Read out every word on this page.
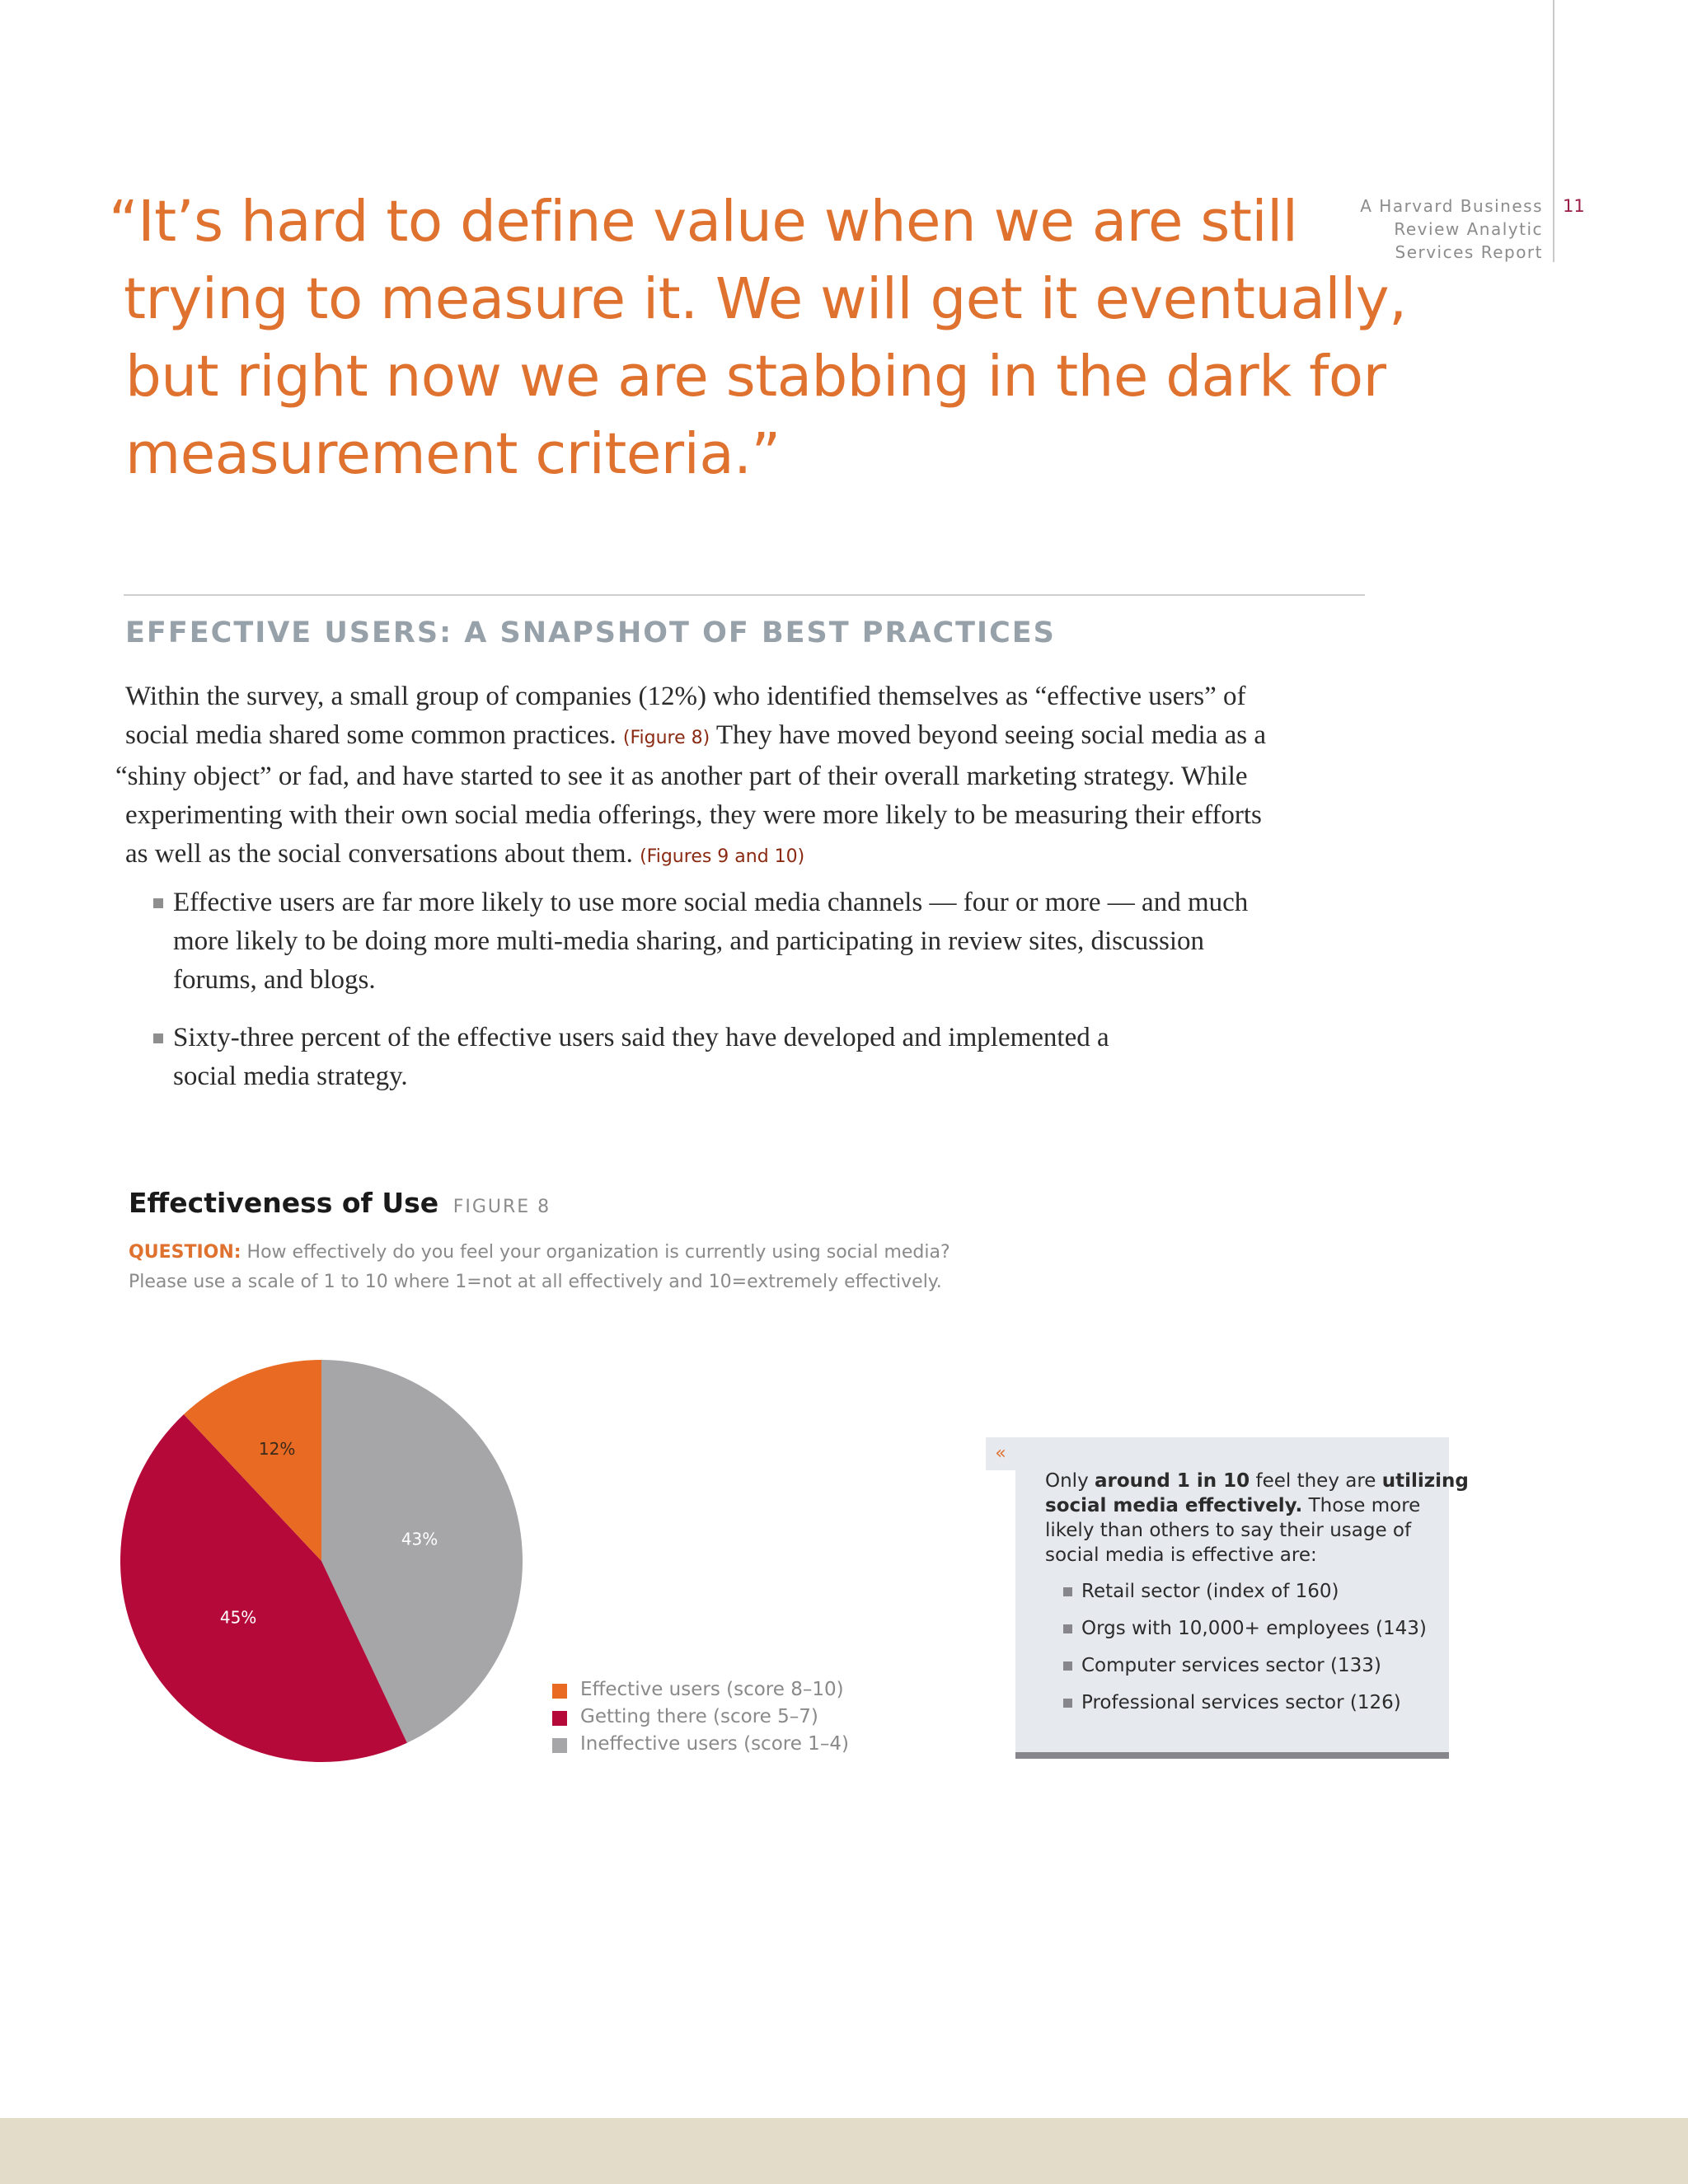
A Harvard Business
Review Analytic
Services Report
11
“It’s hard to define value when we are still
trying to measure it. We will get it eventually,
but right now we are stabbing in the dark for
measurement criteria.”
EFFECTIVE USERS: A SNAPSHOT OF BEST PRACTICES

Within the survey, a small group of companies (12%) who identified themselves as “effective users” of
social media shared some common practices. (Figure 8) They have moved beyond seeing social media as a
“shiny object” or fad, and have started to see it as another part of their overall marketing strategy. While
experimenting with their own social media offerings, they were more likely to be measuring their efforts
as well as the social conversations about them. (Figures 9 and 10)

Effective users are far more likely to use more social media channels — four or more — and much
more likely to be doing more multi-media sharing, and participating in review sites, discussion
forums, and blogs.
Sixty-three percent of the effective users said they have developed and implemented a
social media strategy.
Effectiveness of Use FIGURE 8

QUESTION: How effectively do you feel your organization is currently using social media?
Please use a scale of 1 to 10 where 1=not at all effectively and 10=extremely effectively.

43%
45%
12%
Effective users (score 8–10)
Getting there (score 5–7)
Ineffective users (score 1–4)
«

Only around 1 in 10 feel they are utilizing
social media effectively. Those more
likely than others to say their usage of
social media is effective are:

Retail sector (index of 160)
Orgs with 10,000+ employees (143)
Computer services sector (133)
Professional services sector (126)
